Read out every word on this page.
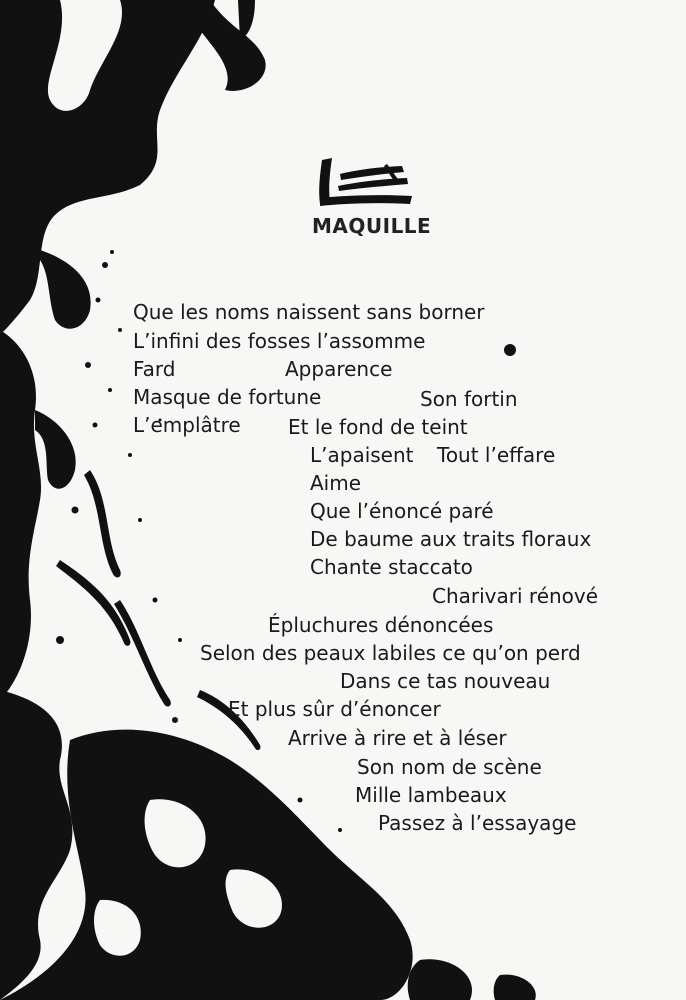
MAQUILLE
Que les noms naissent sans borner
L’infini des fosses l’assomme
Fard	Apparence
Masque de fortune	Son fortin
L’emplâtre Et le fond de teint
L’apaisent Tout l’effare
Aime
Que l’énoncé paré
De baume aux traits floraux
Chante staccato
Charivari rénové
Épluchures dénoncées
Selon des peaux labiles ce qu’on perd
Dans ce tas nouveau
Et plus sûr d’énoncer
Arrive à rire et à léser
Son nom de scène
Mille lambeaux
Passez à l’essayage
